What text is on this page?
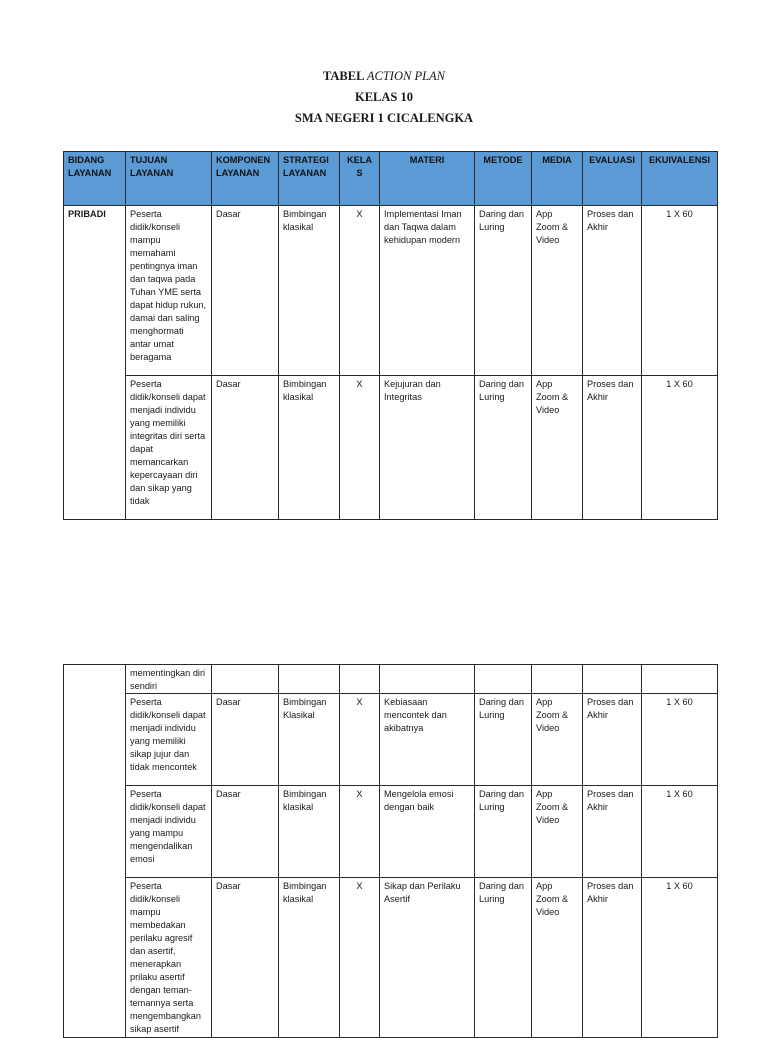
TABEL ACTION PLAN
KELAS 10
SMA NEGERI 1 CICALENGKA
BIDANG LAYANAN	TUJUAN LAYANAN	KOMPONEN LAYANAN	STRATEGI LAYANAN	KELAS	MATERI	METODE	MEDIA	EVALUASI	EKUIVALENSI
PRIBADI	Peserta didik/konseli mampu memahami pentingnya iman dan taqwa pada Tuhan YME serta dapat hidup rukun, damai dan saling menghormati antar umat beragama	Dasar	Bimbingan klasikal	X	Implementasi Iman dan Taqwa dalam kehidupan modern	Daring dan Luring	App Zoom & Video	Proses dan Akhir	1 X 60
	Peserta didik/konseli dapat menjadi individu yang memiliki integritas diri serta dapat memancarkan kepercayaan diri dan sikap yang tidak	Dasar	Bimbingan klasikal	X	Kejujuran dan Integritas	Daring dan Luring	App Zoom & Video	Proses dan Akhir	1 X 60
	mementingkan diri sendiri								
	Peserta didik/konseli dapat menjadi individu yang memiliki sikap jujur dan tidak mencontek	Dasar	Bimbingan Klasikal	X	Kebiasaan mencontek dan akibatnya	Daring dan Luring	App Zoom & Video	Proses dan Akhir	1 X 60
	Peserta didik/konseli dapat menjadi individu yang mampu mengendalikan emosi	Dasar	Bimbingan klasikal	X	Mengelola emosi dengan baik	Daring dan Luring	App Zoom & Video	Proses dan Akhir	1 X 60
	Peserta didik/konseli mampu membedakan perilaku agresif dan asertif, menerapkan prilaku asertif dengan teman-temannya serta mengembangkan sikap asertif	Dasar	Bimbingan klasikal	X	Sikap dan Perilaku Asertif	Daring dan Luring	App Zoom & Video	Proses dan Akhir	1 X 60
